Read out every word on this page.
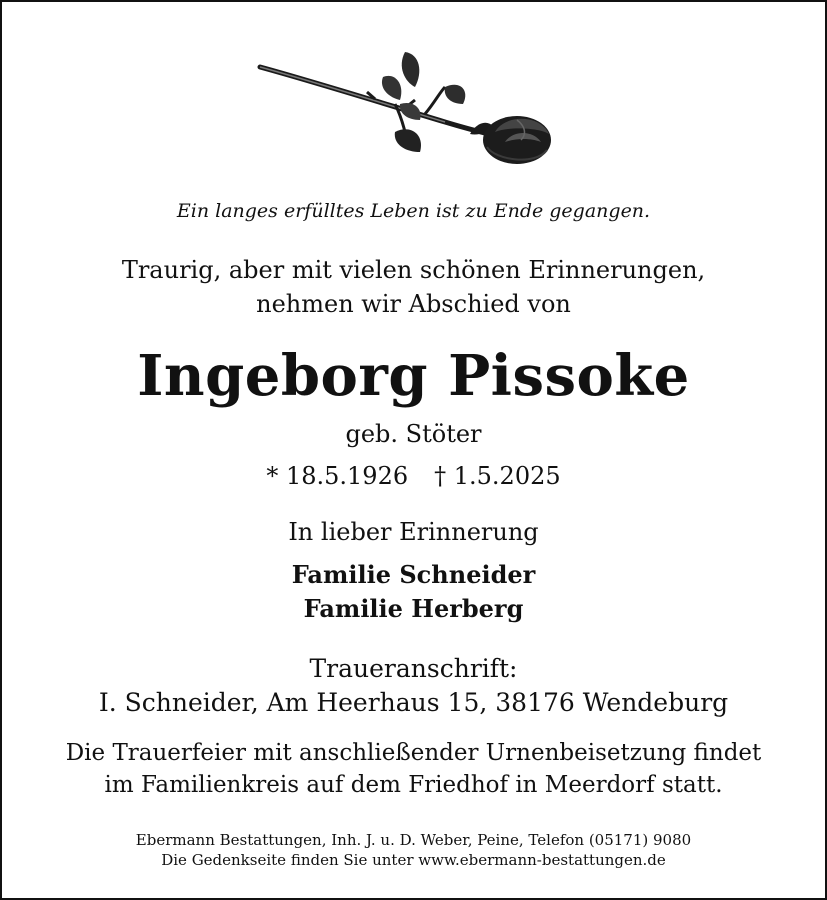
Ein langes erfülltes Leben ist zu Ende gegangen.
Traurig, aber mit vielen schönen Erinnerungen,
nehmen wir Abschied von
Ingeborg Pissoke
geb. Stöter
* 18.5.1926 † 1.5.2025
In lieber Erinnerung
Familie Schneider
Familie Herberg
Traueranschrift:
I. Schneider, Am Heerhaus 15, 38176 Wendeburg
Die Trauerfeier mit anschließender Urnenbeisetzung findet
im Familienkreis auf dem Friedhof in Meerdorf statt.
Ebermann Bestattungen, Inh. J. u. D. Weber, Peine, Telefon (05171) 9080
Die Gedenkseite finden Sie unter www.ebermann-bestattungen.de
